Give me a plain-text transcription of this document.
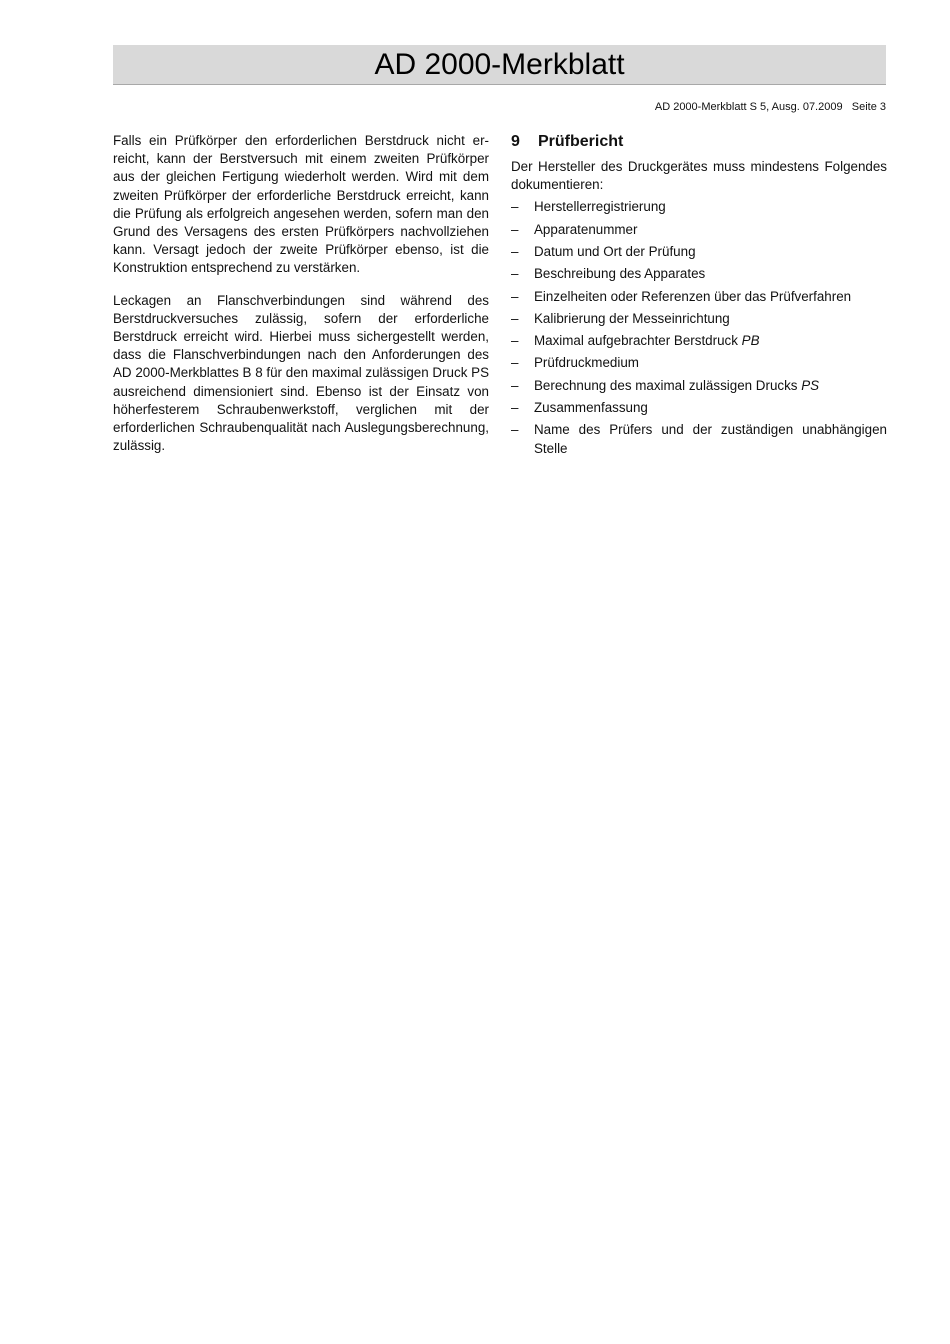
AD 2000-Merkblatt
AD 2000-Merkblatt S 5, Ausg. 07.2009   Seite 3

Falls ein Prüfkörper den erforderlichen Berstdruck nicht erreicht, kann der Berstversuch mit einem zweiten Prüfkörper aus der gleichen Fertigung wiederholt werden. Wird mit dem zweiten Prüfkörper der erforderliche Berstdruck erreicht, kann die Prüfung als erfolgreich angesehen werden, sofern man den Grund des Versagens des ersten Prüfkörpers nachvollziehen kann. Versagt jedoch der zweite Prüfkörper ebenso, ist die Konstruktion entsprechend zu verstärken.

Leckagen an Flanschverbindungen sind während des Berstdruckversuches zulässig, sofern der erforderliche Berstdruck erreicht wird. Hierbei muss sichergestellt werden, dass die Flanschverbindungen nach den Anforderungen des AD 2000-Merkblattes B 8 für den maximal zulässigen Druck PS ausreichend dimensioniert sind. Ebenso ist der Einsatz von höherfesterem Schraubenwerkstoff, verglichen mit der erforderlichen Schraubenqualität nach Auslegungsberechnung, zulässig.

9 Prüfbericht
Der Hersteller des Druckgerätes muss mindestens Folgendes dokumentieren:
– Herstellerregistrierung
– Apparatenummer
– Datum und Ort der Prüfung
– Beschreibung des Apparates
– Einzelheiten oder Referenzen über das Prüfverfahren
– Kalibrierung der Messeinrichtung
– Maximal aufgebrachter Berstdruck PB
– Prüfdruckmedium
– Berechnung des maximal zulässigen Drucks PS
– Zusammenfassung
– Name des Prüfers und der zuständigen unabhängigen Stelle
